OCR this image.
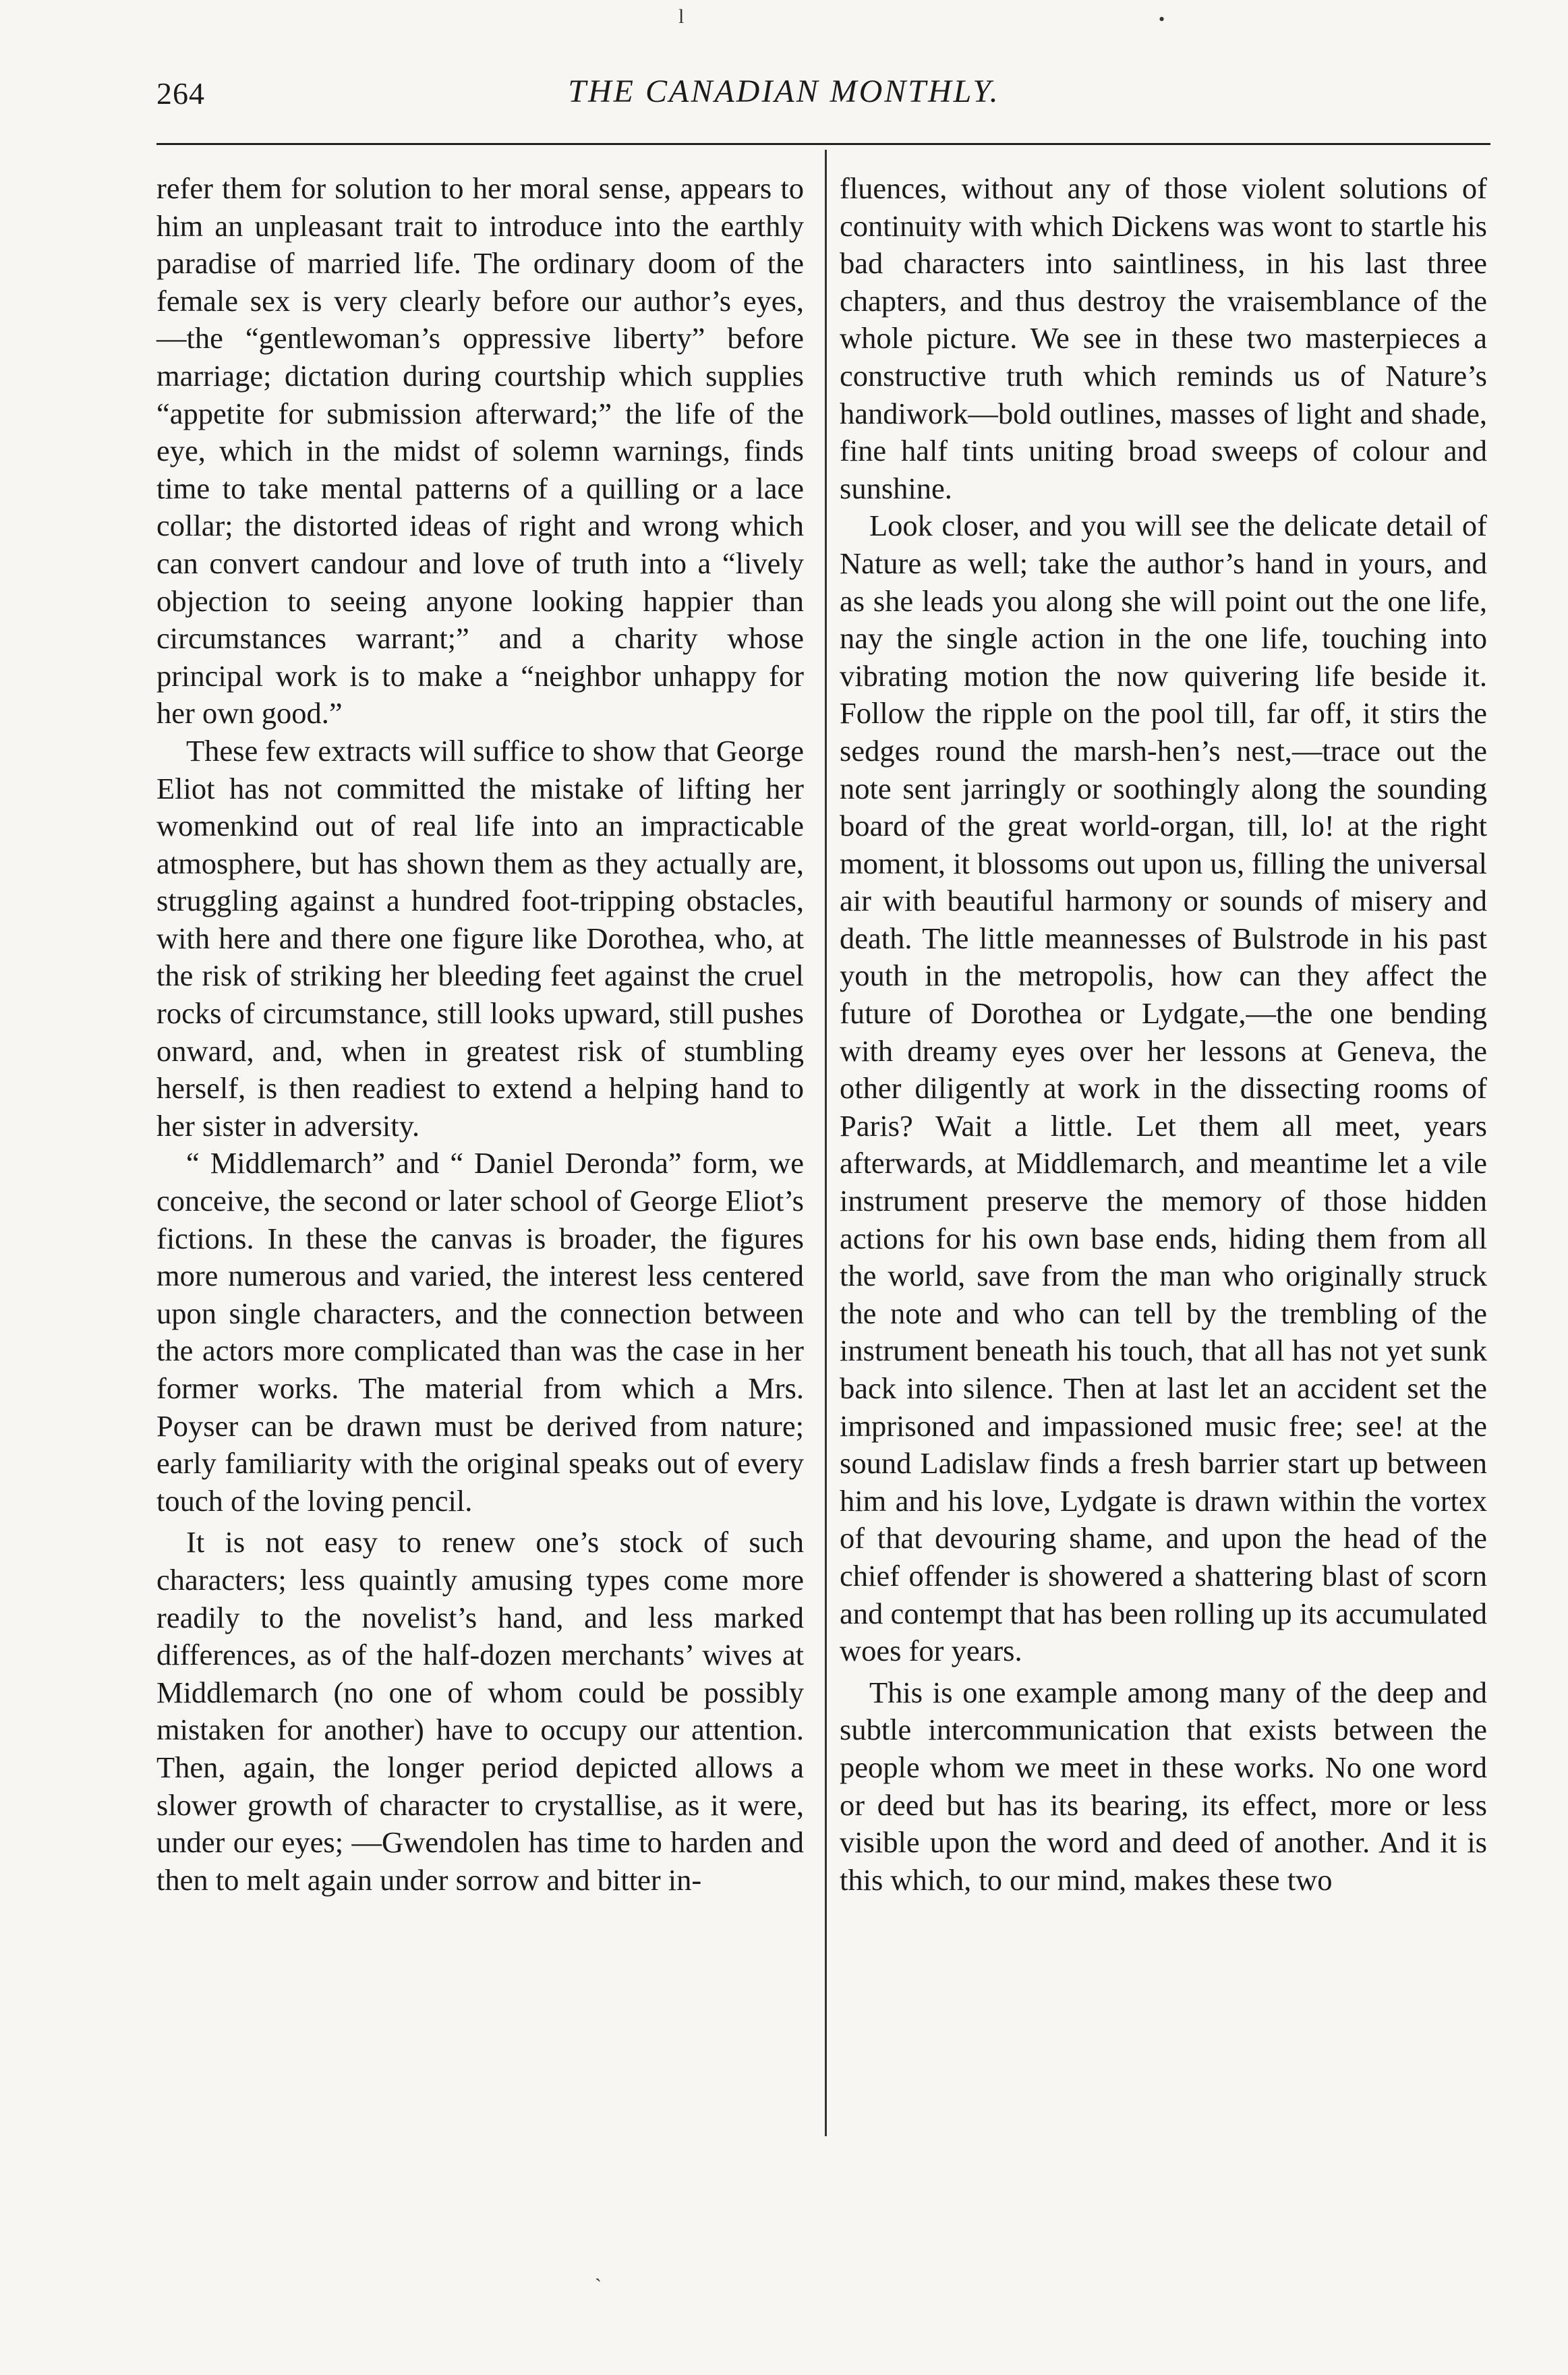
l	•
264	THE CANADIAN MONTHLY.

refer them for solution to her moral sense, appears to him an unpleasant trait to introduce into the earthly paradise of married life. The ordinary doom of the female sex is very clearly before our author’s eyes, —the “gentlewoman’s oppressive liberty” before marriage; dictation during courtship which supplies “appetite for submission afterward;” the life of the eye, which in the midst of solemn warnings, finds time to take mental patterns of a quilling or a lace collar; the distorted ideas of right and wrong which can convert candour and love of truth into a “lively objection to seeing anyone looking happier than circumstances warrant;” and a charity whose principal work is to make a “neighbor unhappy for her own good.”

These few extracts will suffice to show that George Eliot has not committed the mistake of lifting her womenkind out of real life into an impracticable atmosphere, but has shown them as they actually are, struggling against a hundred foot-tripping obstacles, with here and there one figure like Dorothea, who, at the risk of striking her bleeding feet against the cruel rocks of circumstance, still looks upward, still pushes onward, and, when in greatest risk of stumbling herself, is then readiest to extend a helping hand to her sister in adversity.

“ Middlemarch” and “ Daniel Deronda” form, we conceive, the second or later school of George Eliot’s fictions. In these the canvas is broader, the figures more numerous and varied, the interest less centered upon single characters, and the connection between the actors more complicated than was the case in her former works. The material from which a Mrs. Poyser can be drawn must be derived from nature; early familiarity with the original speaks out of every touch of the loving pencil.

It is not easy to renew one’s stock of such characters; less quaintly amusing types come more readily to the novelist’s hand, and less marked differences, as of the half-dozen merchants’ wives at Middlemarch (no one of whom could be possibly mistaken for another) have to occupy our attention. Then, again, the longer period depicted allows a slower growth of character to crystallise, as it were, under our eyes; —Gwendolen has time to harden and then to melt again under sorrow and bitter in-

fluences, without any of those violent solutions of continuity with which Dickens was wont to startle his bad characters into saintliness, in his last three chapters, and thus destroy the vraisemblance of the whole picture. We see in these two masterpieces a constructive truth which reminds us of Nature’s handiwork—bold outlines, masses of light and shade, fine half tints uniting broad sweeps of colour and sunshine.

Look closer, and you will see the delicate detail of Nature as well; take the author’s hand in yours, and as she leads you along she will point out the one life, nay the single action in the one life, touching into vibrating motion the now quivering life beside it. Follow the ripple on the pool till, far off, it stirs the sedges round the marsh-hen’s nest,—trace out the note sent jarringly or soothingly along the sounding board of the great world-organ, till, lo! at the right moment, it blossoms out upon us, filling the universal air with beautiful harmony or sounds of misery and death. The little meannesses of Bulstrode in his past youth in the metropolis, how can they affect the future of Dorothea or Lydgate,—the one bending with dreamy eyes over her lessons at Geneva, the other diligently at work in the dissecting rooms of Paris? Wait a little. Let them all meet, years afterwards, at Middlemarch, and meantime let a vile instrument preserve the memory of those hidden actions for his own base ends, hiding them from all the world, save from the man who originally struck the note and who can tell by the trembling of the instrument beneath his touch, that all has not yet sunk back into silence. Then at last let an accident set the imprisoned and impassioned music free; see! at the sound Ladislaw finds a fresh barrier start up between him and his love, Lydgate is drawn within the vortex of that devouring shame, and upon the head of the chief offender is showered a shattering blast of scorn and contempt that has been rolling up its accumulated woes for years.

This is one example among many of the deep and subtle intercommunication that exists between the people whom we meet in these works. No one word or deed but has its bearing, its effect, more or less visible upon the word and deed of another. And it is this which, to our mind, makes these two

ˎ
